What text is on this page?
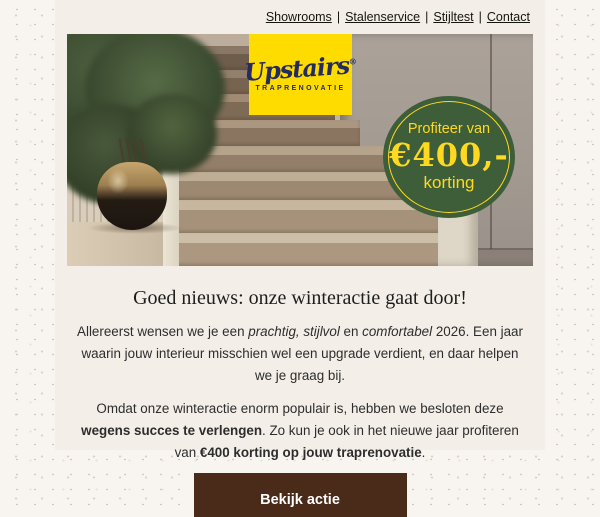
Showrooms | Stalenservice | Stijltest | Contact
Upstairs®
TRAPRENOVATIE
Profiteer van
€400,-
korting
Goed nieuws: onze winteractie gaat door!

Allereerst wensen we je een prachtig, stijlvol en comfortabel 2026. Een jaar waarin jouw interieur misschien wel een upgrade verdient, en daar helpen we je graag bij.

Omdat onze winteractie enorm populair is, hebben we besloten deze wegens succes te verlengen. Zo kun je ook in het nieuwe jaar profiteren van €400 korting op jouw traprenovatie.

Bekijk actie
